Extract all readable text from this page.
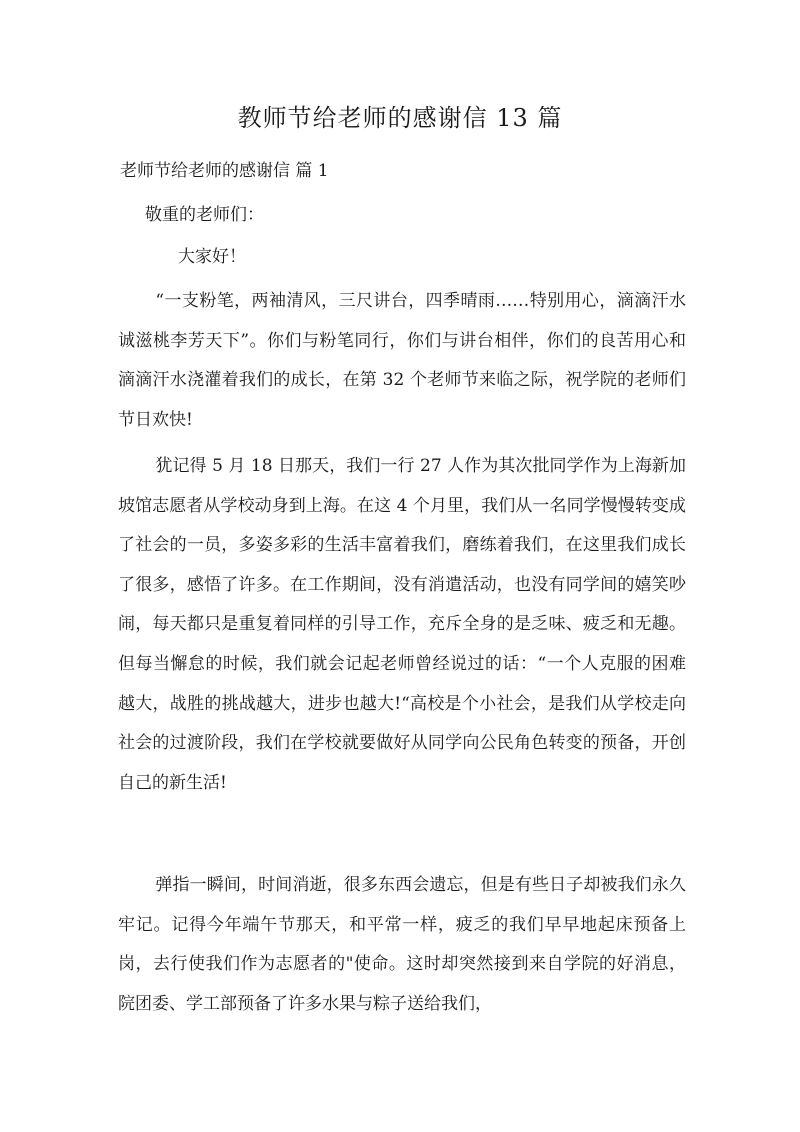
教师节给老师的感谢信 13 篇
老师节给老师的感谢信 篇 1

敬重的老师们：

大家好！

“一支粉笔，两袖清风，三尺讲台，四季晴雨……特别用心，滴滴汗水诚滋桃李芳天下”。你们与粉笔同行，你们与讲台相伴，你们的良苦用心和滴滴汗水浇灌着我们的成长，在第 32 个老师节来临之际，祝学院的老师们节日欢快!

犹记得 5 月 18 日那天，我们一行 27 人作为其次批同学作为上海新加坡馆志愿者从学校动身到上海。在这 4 个月里，我们从一名同学慢慢转变成了社会的一员，多姿多彩的生活丰富着我们，磨练着我们，在这里我们成长了很多，感悟了许多。在工作期间，没有消遣活动，也没有同学间的嬉笑吵闹，每天都只是重复着同样的引导工作，充斥全身的是乏味、疲乏和无趣。但每当懈怠的时候，我们就会记起老师曾经说过的话：“一个人克服的困难越大，战胜的挑战越大，进步也越大!“高校是个小社会，是我们从学校走向社会的过渡阶段，我们在学校就要做好从同学向公民角色转变的预备，开创自己的新生活!

弹指一瞬间，时间消逝，很多东西会遗忘，但是有些日子却被我们永久牢记。记得今年端午节那天，和平常一样，疲乏的我们早早地起床预备上岗，去行使我们作为志愿者的"使命。这时却突然接到来自学院的好消息，院团委、学工部预备了许多水果与粽子送给我们，
